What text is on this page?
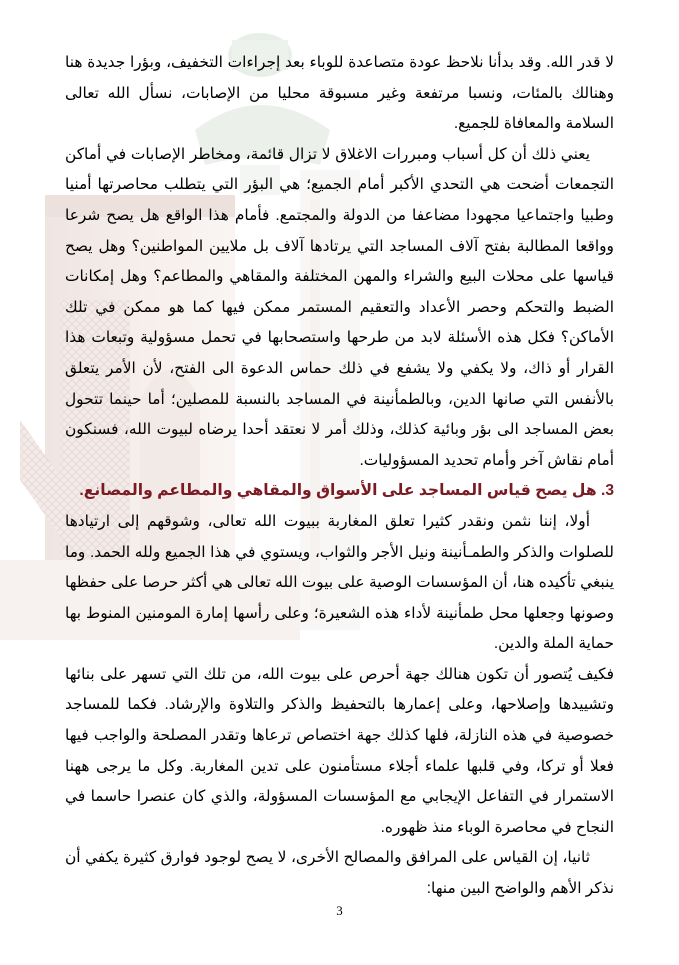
لا قدر الله. وقد بدأنا نلاحظ عودة متصاعدة للوباء بعد إجراءات التخفيف، وبؤرا جديدة هنا وهنالك بالمئات، ونسبا مرتفعة وغير مسبوقة محليا من الإصابات، نسأل الله تعالى السلامة والمعافاة للجميع.

يعني ذلك أن كل أسباب ومبررات الاغلاق لا تزال قائمة، ومخاطر الإصابات في أماكن التجمعات أضحت هي التحدي الأكبر أمام الجميع؛ هي البؤر التي يتطلب محاصرتها أمنيا وطبيا واجتماعيا مجهودا مضاعفا من الدولة والمجتمع. فأمام هذا الواقع هل يصح شرعا وواقعا المطالبة بفتح آلاف المساجد التي يرتادها آلاف بل ملايين المواطنين؟ وهل يصح قياسها على محلات البيع والشراء والمهن المختلفة والمقاهي والمطاعم؟ وهل إمكانات الضبط والتحكم وحصر الأعداد والتعقيم المستمر ممكن فيها كما هو ممكن في تلك الأماكن؟ فكل هذه الأسئلة لابد من طرحها واستصحابها في تحمل مسؤولية وتبعات هذا القرار أو ذاك، ولا يكفي ولا يشفع في ذلك حماس الدعوة الى الفتح، لأن الأمر يتعلق بالأنفس التي صانها الدين، وبالطمأنينة في المساجد بالنسبة للمصلين؛ أما حينما تتحول بعض المساجد الى بؤر وبائية كذلك، وذلك أمر لا نعتقد أحدا يرضاه لبيوت الله، فسنكون أمام نقاش آخر وأمام تحديد المسؤوليات.

3. هل يصح قياس المساجد على الأسواق والمقاهي والمطاعم والمصانع.

أولا، إننا نثمن ونقدر كثيرا تعلق المغاربة ببيوت الله تعالى، وشوقهم إلى ارتيادها للصلوات والذكر والطمـأنينة ونيل الأجر والثواب، ويستوي في هذا الجميع ولله الحمد. وما ينبغي تأكيده هنا، أن المؤسسات الوصية على بيوت الله تعالى هي أكثر حرصا على حفظها وصونها وجعلها محل طمأنينة لأداء هذه الشعيرة؛ وعلى رأسها إمارة المومنين المنوط بها حماية الملة والدين.

فكيف يُتصور أن تكون هنالك جهة أحرص على بيوت الله، من تلك التي تسهر على بنائها وتشييدها وإصلاحها، وعلى إعمارها بالتحفيظ والذكر والتلاوة والإرشاد. فكما للمساجد خصوصية في هذه النازلة، فلها كذلك جهة اختصاص ترعاها وتقدر المصلحة والواجب فيها فعلا أو تركا، وفي قلبها علماء أجلاء مستأمنون على تدين المغاربة. وكل ما يرجى ههنا الاستمرار في التفاعل الإيجابي مع المؤسسات المسؤولة، والذي كان عنصرا حاسما في النجاح في محاصرة الوباء منذ ظهوره.

ثانيا، إن القياس على المرافق والمصالح الأخرى، لا يصح لوجود فوارق كثيرة يكفي أن نذكر الأهم والواضح البين منها:

3
